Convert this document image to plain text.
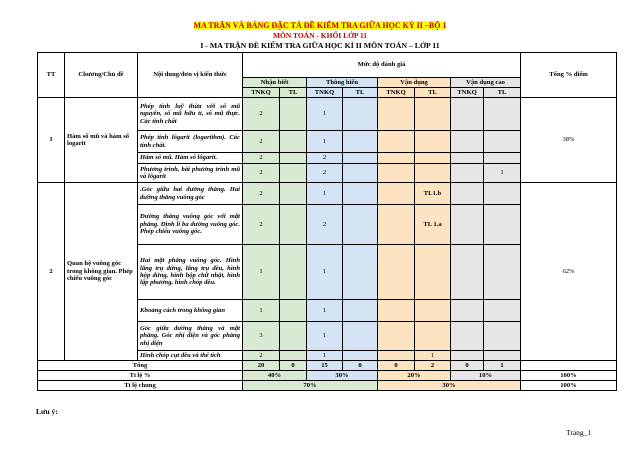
MA TRẬN VÀ BẢNG ĐẶC TẢ ĐỀ KIỂM TRA GIỮA HỌC KỲ II –BỘ 1
MÔN TOÁN - KHỐI LỚP 11
I - MA TRẬN ĐỀ KIỂM TRA GIỮA HỌC KÌ II MÔN TOÁN – LỚP 11
TT	Chương/Chủ đề	Nội dung/đơn vị kiến thức	Mức độ đánh giá								Tổng % điểm
			Nhận biết		Thông hiểu		Vận dụng		Vận dụng cao		
			TNKQ	TL	TNKQ	TL	TNKQ	TL	TNKQ	TL	
1	Hàm số mũ và hàm số logarit	Phép tính luỹ thừa với số mũ nguyên, số mũ hữu tỉ, số mũ thực. Các tính chất	2		1						38%
		Phép tính lôgarit (logarithm). Các tính chất.	2		1						
		Hàm số mũ. Hàm số lôgarit.	2		2						
		Phương trình, bất phương trình mũ và lôgarit	2		2					1	
2	Quan hệ vuông góc trong không gian. Phép chiếu vuông góc	.Góc giữa hai đường thẳng. Hai đường thẳng vuông góc	2		1			TL1.b			62%
		Đường thẳng vuông góc với mặt phẳng. Định lí ba đường vuông góc. Phép chiếu vuông góc.	2		2			TL 1.a			
		Hai mặt phẳng vuông góc. Hình lăng trụ đứng, lăng trụ đều, hình hộp đứng, hình hộp chữ nhật, hình lập phương, hình chóp đều.	1		1						
		Khoảng cách trong không gian	1		1						
		Góc giữa đường thẳng và mặt phẳng. Góc nhị diện và góc phẳng nhị diện	3		1						
		Hình chóp cụt đều và thể tích	2		1			1			
Tổng			20	0	15	0	0	2	0	1	
Tỉ lệ %			40%		30%		20%		10%		100%
Tỉ lệ chung			70%				30%				100%
Lưu ý:
Trang_1
